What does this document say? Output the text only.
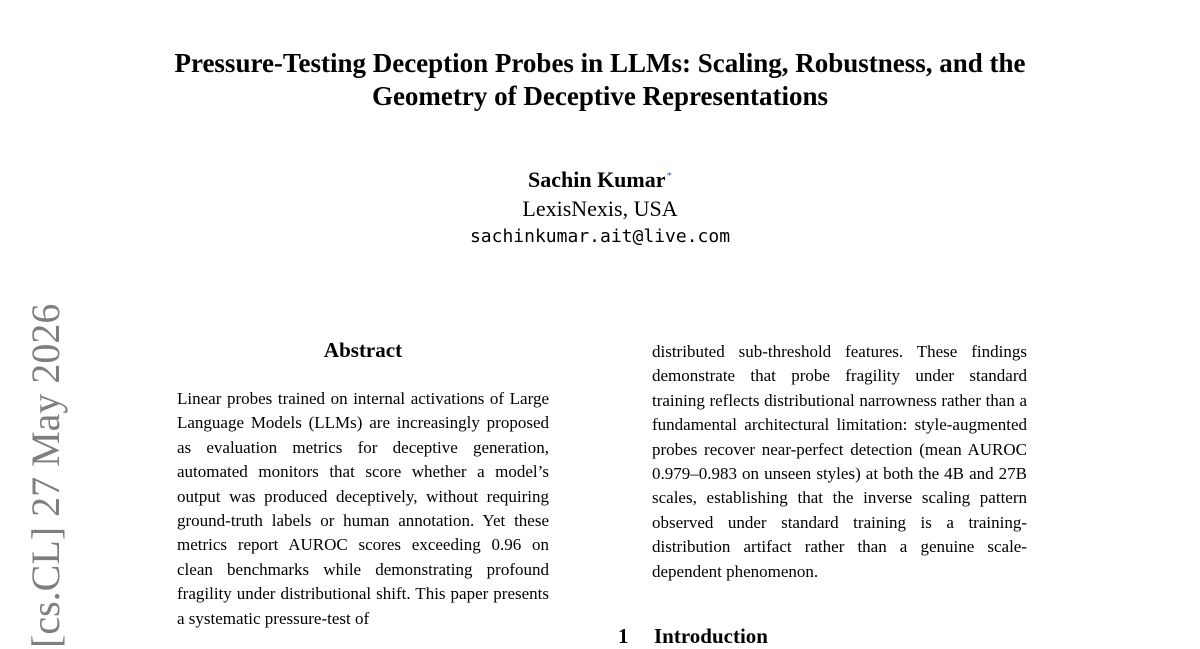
Pressure-Testing Deception Probes in LLMs: Scaling, Robustness, and the
Geometry of Deceptive Representations
Sachin Kumar*
LexisNexis, USA
sachinkumar.ait@live.com
[cs.CL] 27 May 2026	Abstract

Linear probes trained on internal activations of Large Language Models (LLMs) are increasingly proposed as evaluation metrics for deceptive generation, automated monitors that score whether a model’s output was produced deceptively, without requiring ground-truth labels or human annotation. Yet these metrics report AUROC scores exceeding 0.96 on clean benchmarks while demonstrating profound fragility under distributional shift. This paper presents a systematic pressure-test of

distributed sub-threshold features. These findings demonstrate that probe fragility under standard training reflects distributional narrowness rather than a fundamental architectural limitation: style-augmented probes recover near-perfect detection (mean AUROC 0.979–0.983 on unseen styles) at both the 4B and 27B scales, establishing that the inverse scaling pattern observed under standard training is a training-distribution artifact rather than a genuine scale-dependent phenomenon.

1 Introduction
